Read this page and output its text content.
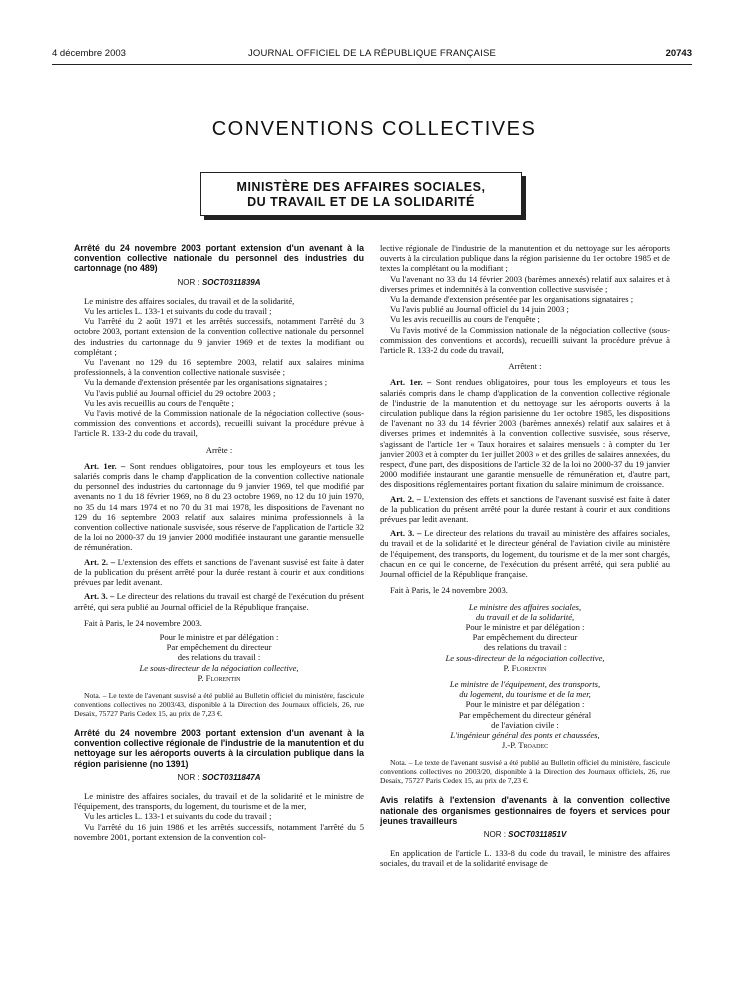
4 décembre 2003	JOURNAL OFFICIEL DE LA RÉPUBLIQUE FRANÇAISE	20743
CONVENTIONS COLLECTIVES
MINISTÈRE DES AFFAIRES SOCIALES,
DU TRAVAIL ET DE LA SOLIDARITÉ
Arrêté du 24 novembre 2003 portant extension d'un avenant à la convention collective nationale du personnel des industries du cartonnage (no 489)
NOR : SOCT0311839A

Le ministre des affaires sociales, du travail et de la solidarité,

Vu les articles L. 133-1 et suivants du code du travail ;

Vu l'arrêté du 2 août 1971 et les arrêtés successifs, notamment l'arrêté du 3 octobre 2003, portant extension de la convention collective nationale du personnel des industries du cartonnage du 9 janvier 1969 et de textes la modifiant ou complétant ;

Vu l'avenant no 129 du 16 septembre 2003, relatif aux salaires minima professionnels, à la convention collective nationale susvisée ;

Vu la demande d'extension présentée par les organisations signataires ;

Vu l'avis publié au Journal officiel du 29 octobre 2003 ;

Vu les avis recueillis au cours de l'enquête ;

Vu l'avis motivé de la Commission nationale de la négociation collective (sous-commission des conventions et accords), recueilli suivant la procédure prévue à l'article R. 133-2 du code du travail,

Arrête :

Art. 1er. – Sont rendues obligatoires, pour tous les employeurs et tous les salariés compris dans le champ d'application de la convention collective nationale du personnel des industries du cartonnage du 9 janvier 1969, tel que modifié par avenants no 1 du 18 février 1969, no 8 du 23 octobre 1969, no 12 du 10 juin 1970, no 35 du 14 mars 1974 et no 70 du 31 mai 1978, les dispositions de l'avenant no 129 du 16 septembre 2003 relatif aux salaires minima professionnels à la convention collective nationale susvisée, sous réserve de l'application de l'article 32 de la loi no 2000-37 du 19 janvier 2000 modifiée instaurant une garantie mensuelle de rémunération.

Art. 2. – L'extension des effets et sanctions de l'avenant susvisé est faite à dater de la publication du présent arrêté pour la durée restant à courir et aux conditions prévues par ledit avenant.

Art. 3. – Le directeur des relations du travail est chargé de l'exécution du présent arrêté, qui sera publié au Journal officiel de la République française.

Fait à Paris, le 24 novembre 2003.

Pour le ministre et par délégation :
Par empêchement du directeur
des relations du travail :
Le sous-directeur de la négociation collective,
P. Florentin

Nota. – Le texte de l'avenant susvisé a été publié au Bulletin officiel du ministère, fascicule conventions collectives no 2003/43, disponible à la Direction des Journaux officiels, 26, rue Desaix, 75727 Paris Cedex 15, au prix de 7,23 €.

Arrêté du 24 novembre 2003 portant extension d'un avenant à la convention collective régionale de l'industrie de la manutention et du nettoyage sur les aéroports ouverts à la circulation publique dans la région parisienne (no 1391)
NOR : SOCT0311847A

Le ministre des affaires sociales, du travail et de la solidarité et le ministre de l'équipement, des transports, du logement, du tourisme et de la mer,

Vu les articles L. 133-1 et suivants du code du travail ;

Vu l'arrêté du 16 juin 1986 et les arrêtés successifs, notamment l'arrêté du 5 novembre 2001, portant extension de la convention col-

lective régionale de l'industrie de la manutention et du nettoyage sur les aéroports ouverts à la circulation publique dans la région parisienne du 1er octobre 1985 et de textes la complétant ou la modifiant ;

Vu l'avenant no 33 du 14 février 2003 (barèmes annexés) relatif aux salaires et à diverses primes et indemnités à la convention collective susvisée ;

Vu la demande d'extension présentée par les organisations signataires ;

Vu l'avis publié au Journal officiel du 14 juin 2003 ;

Vu les avis recueillis au cours de l'enquête ;

Vu l'avis motivé de la Commission nationale de la négociation collective (sous-commission des conventions et accords), recueilli suivant la procédure prévue à l'article R. 133-2 du code du travail,

Arrêtent :

Art. 1er. – Sont rendues obligatoires, pour tous les employeurs et tous les salariés compris dans le champ d'application de la convention collective régionale de l'industrie de la manutention et du nettoyage sur les aéroports ouverts à la circulation publique dans la région parisienne du 1er octobre 1985, les dispositions de l'avenant no 33 du 14 février 2003 (barèmes annexés) relatif aux salaires et à diverses primes et indemnités à la convention collective susvisée, sous réserve, s'agissant de l'article 1er « Taux horaires et salaires mensuels : à compter du 1er janvier 2003 et à compter du 1er juillet 2003 » et des grilles de salaires annexées, du respect, d'une part, des dispositions de l'article 32 de la loi no 2000-37 du 19 janvier 2000 modifiée instaurant une garantie mensuelle de rémunération et, d'autre part, des dispositions réglementaires portant fixation du salaire minimum de croissance.

Art. 2. – L'extension des effets et sanctions de l'avenant susvisé est faite à dater de la publication du présent arrêté pour la durée restant à courir et aux conditions prévues par ledit avenant.

Art. 3. – Le directeur des relations du travail au ministère des affaires sociales, du travail et de la solidarité et le directeur général de l'aviation civile au ministère de l'équipement, des transports, du logement, du tourisme et de la mer sont chargés, chacun en ce qui le concerne, de l'exécution du présent arrêté, qui sera publié au Journal officiel de la République française.

Fait à Paris, le 24 novembre 2003.

Le ministre des affaires sociales,
du travail et de la solidarité,
Pour le ministre et par délégation :
Par empêchement du directeur
des relations du travail :
Le sous-directeur de la négociation collective,
P. Florentin
Le ministre de l'équipement, des transports,
du logement, du tourisme et de la mer,
Pour le ministre et par délégation :
Par empêchement du directeur général
de l'aviation civile :
L'ingénieur général des ponts et chaussées,
J.-P. Troadec

Nota. – Le texte de l'avenant susvisé a été publié au Bulletin officiel du ministère, fascicule conventions collectives no 2003/20, disponible à la Direction des Journaux officiels, 26, rue Desaix, 75727 Paris Cedex 15, au prix de 7,23 €.

Avis relatifs à l'extension d'avenants à la convention collective nationale des organismes gestionnaires de foyers et services pour jeunes travailleurs
NOR : SOCT0311851V

En application de l'article L. 133-8 du code du travail, le ministre des affaires sociales, du travail et de la solidarité envisage de
